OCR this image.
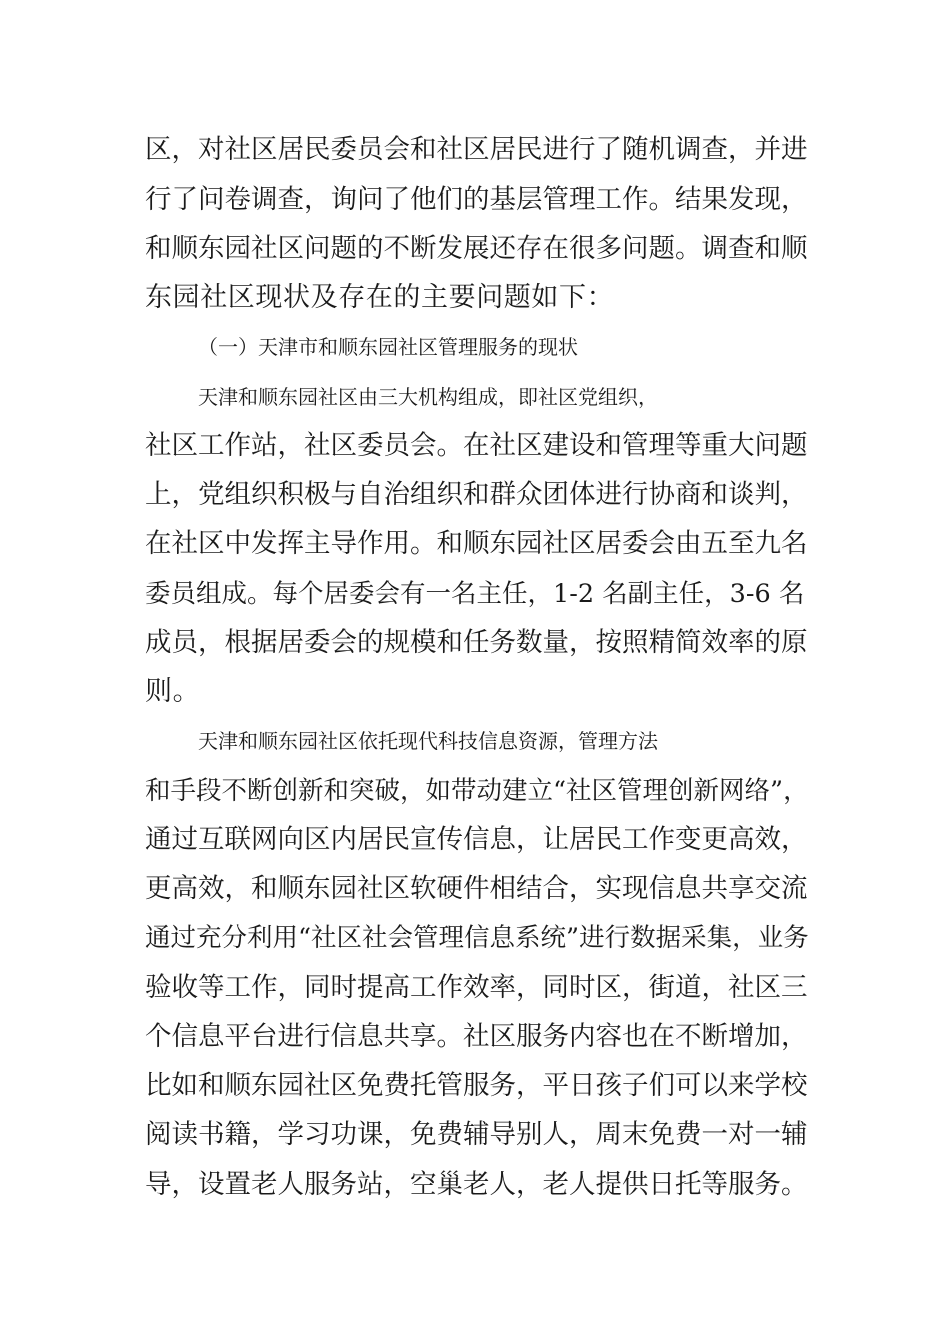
区，对社区居民委员会和社区居民进行了随机调查，并进
行了问卷调查，询问了他们的基层管理工作。结果发现，
和顺东园社区问题的不断发展还存在很多问题。调查和顺
东园社区现状及存在的主要问题如下：
（一）天津市和顺东园社区管理服务的现状
天津和顺东园社区由三大机构组成，即社区党组织，
社区工作站，社区委员会。在社区建设和管理等重大问题
上，党组织积极与自治组织和群众团体进行协商和谈判，
在社区中发挥主导作用。和顺东园社区居委会由五至九名
委员组成。每个居委会有一名主任，1-2 名副主任，3-6 名
成员，根据居委会的规模和任务数量，按照精简效率的原
则。
天津和顺东园社区依托现代科技信息资源，管理方法
和手段不断创新和突破，如带动建立“社区管理创新网络”，
通过互联网向区内居民宣传信息，让居民工作变更高效，
更高效，和顺东园社区软硬件相结合，实现信息共享交流
通过充分利用“社区社会管理信息系统”进行数据采集，业务
验收等工作，同时提高工作效率，同时区，街道，社区三
个信息平台进行信息共享。社区服务内容也在不断增加，
比如和顺东园社区免费托管服务，平日孩子们可以来学校
阅读书籍，学习功课，免费辅导别人，周末免费一对一辅
导，设置老人服务站，空巢老人，老人提供日托等服务。
